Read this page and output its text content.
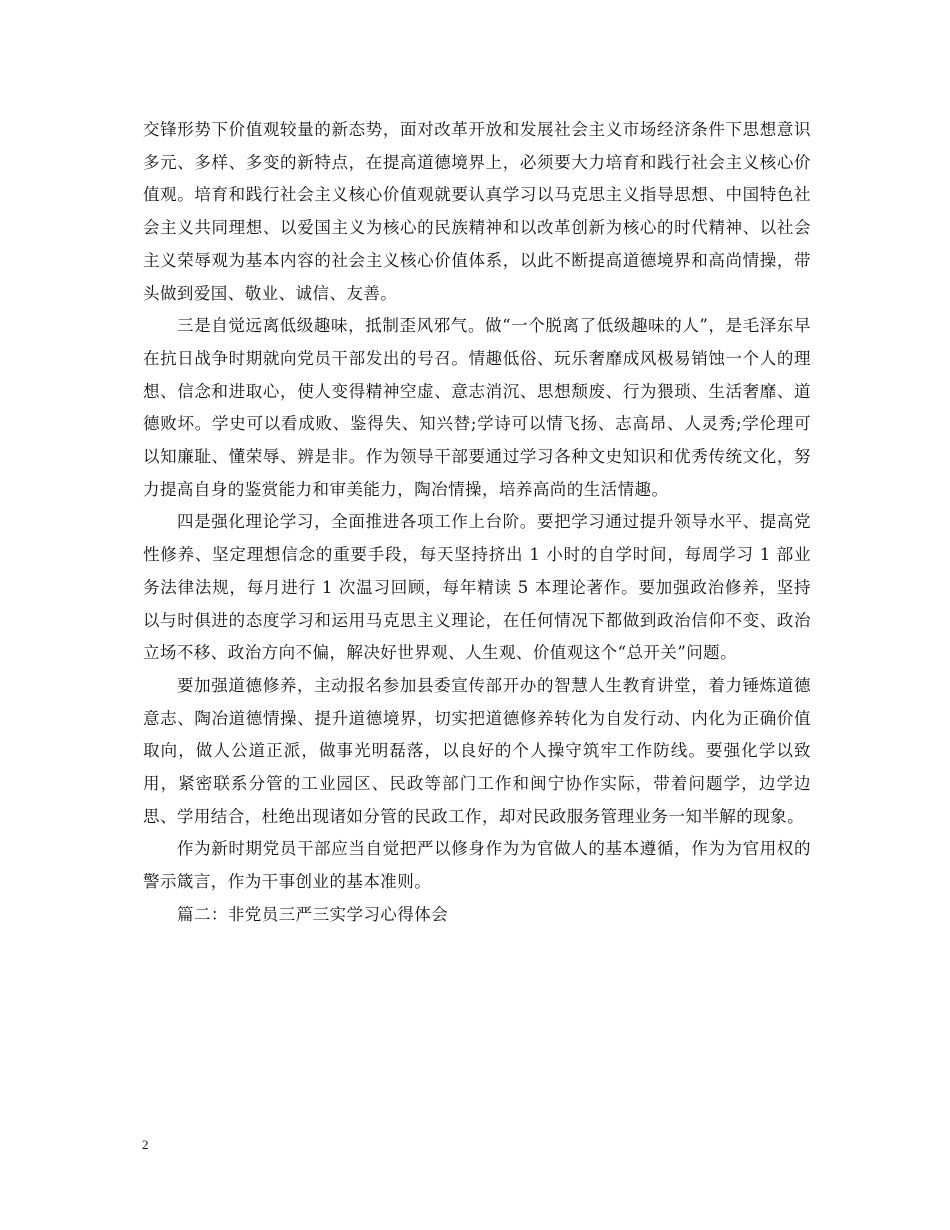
交锋形势下价值观较量的新态势，面对改革开放和发展社会主义市场经济条件下思想意识多元、多样、多变的新特点，在提高道德境界上，必须要大力培育和践行社会主义核心价值观。培育和践行社会主义核心价值观就要认真学习以马克思主义指导思想、中国特色社会主义共同理想、以爱国主义为核心的民族精神和以改革创新为核心的时代精神、以社会主义荣辱观为基本内容的社会主义核心价值体系，以此不断提高道德境界和高尚情操，带头做到爱国、敬业、诚信、友善。

三是自觉远离低级趣味，抵制歪风邪气。做“一个脱离了低级趣味的人”，是毛泽东早在抗日战争时期就向党员干部发出的号召。情趣低俗、玩乐奢靡成风极易销蚀一个人的理想、信念和进取心，使人变得精神空虚、意志消沉、思想颓废、行为猥琐、生活奢靡、道德败坏。学史可以看成败、鉴得失、知兴替;学诗可以情飞扬、志高昂、人灵秀;学伦理可以知廉耻、懂荣辱、辨是非。作为领导干部要通过学习各种文史知识和优秀传统文化，努力提高自身的鉴赏能力和审美能力，陶冶情操，培养高尚的生活情趣。

四是强化理论学习，全面推进各项工作上台阶。要把学习通过提升领导水平、提高党性修养、坚定理想信念的重要手段，每天坚持挤出 1 小时的自学时间，每周学习 1 部业务法律法规，每月进行 1 次温习回顾，每年精读 5 本理论著作。要加强政治修养，坚持以与时俱进的态度学习和运用马克思主义理论，在任何情况下都做到政治信仰不变、政治立场不移、政治方向不偏，解决好世界观、人生观、价值观这个“总开关”问题。

要加强道德修养，主动报名参加县委宣传部开办的智慧人生教育讲堂，着力锤炼道德意志、陶冶道德情操、提升道德境界，切实把道德修养转化为自发行动、内化为正确价值取向，做人公道正派，做事光明磊落，以良好的个人操守筑牢工作防线。要强化学以致用，紧密联系分管的工业园区、民政等部门工作和闽宁协作实际，带着问题学，边学边思、学用结合，杜绝出现诸如分管的民政工作，却对民政服务管理业务一知半解的现象。

作为新时期党员干部应当自觉把严以修身作为为官做人的基本遵循，作为为官用权的警示箴言，作为干事创业的基本准则。

篇二：非党员三严三实学习心得体会

2
